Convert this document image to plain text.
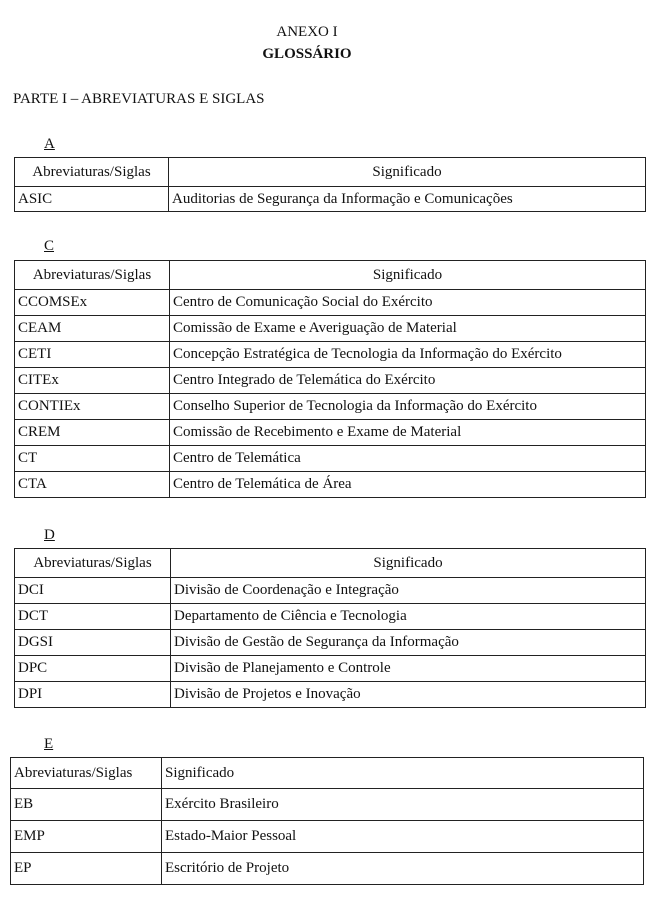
ANEXO I
GLOSSÁRIO
PARTE I – ABREVIATURAS E SIGLAS
A
Abreviaturas/Siglas	Significado
ASIC	Auditorias de Segurança da Informação e Comunicações
C
Abreviaturas/Siglas	Significado
CCOMSEx	Centro de Comunicação Social do Exército
CEAM	Comissão de Exame e Averiguação de Material
CETI	Concepção Estratégica de Tecnologia da Informação do Exército
CITEx	Centro Integrado de Telemática do Exército
CONTIEx	Conselho Superior de Tecnologia da Informação do Exército
CREM	Comissão de Recebimento e Exame de Material
CT	Centro de Telemática
CTA	Centro de Telemática de Área
D
Abreviaturas/Siglas	Significado
DCI	Divisão de Coordenação e Integração
DCT	Departamento de Ciência e Tecnologia
DGSI	Divisão de Gestão de Segurança da Informação
DPC	Divisão de Planejamento e Controle
DPI	Divisão de Projetos e Inovação
E
Abreviaturas/Siglas	Significado
EB	Exército Brasileiro
EMP	Estado-Maior Pessoal
EP	Escritório de Projeto
